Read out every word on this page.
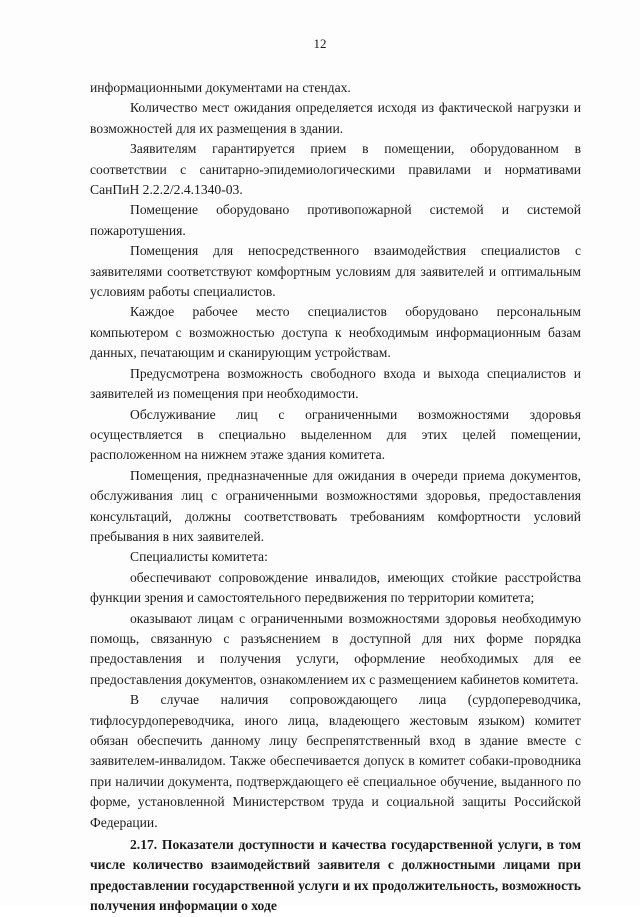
12

информационными документами на стендах.

Количество мест ожидания определяется исходя из фактической нагрузки и возможностей для их размещения в здании.

Заявителям гарантируется прием в помещении, оборудованном в соответствии с санитарно-эпидемиологическими правилами и нормативами СанПиН 2.2.2/2.4.1340-03.

Помещение оборудовано противопожарной системой и системой пожаротушения.

Помещения для непосредственного взаимодействия специалистов с заявителями соответствуют комфортным условиям для заявителей и оптимальным условиям работы специалистов.

Каждое рабочее место специалистов оборудовано персональным компьютером с возможностью доступа к необходимым информационным базам данных, печатающим и сканирующим устройствам.

Предусмотрена возможность свободного входа и выхода специалистов и заявителей из помещения при необходимости.

Обслуживание лиц с ограниченными возможностями здоровья осуществляется в специально выделенном для этих целей помещении, расположенном на нижнем этаже здания комитета.

Помещения, предназначенные для ожидания в очереди приема документов, обслуживания лиц с ограниченными возможностями здоровья, предоставления консультаций, должны соответствовать требованиям комфортности условий пребывания в них заявителей.

Специалисты комитета:

обеспечивают сопровождение инвалидов, имеющих стойкие расстройства функции зрения и самостоятельного передвижения по территории комитета;

оказывают лицам с ограниченными возможностями здоровья необходимую помощь, связанную с разъяснением в доступной для них форме порядка предоставления и получения услуги, оформление необходимых для ее предоставления документов, ознакомлением их с размещением кабинетов комитета.

В случае наличия сопровождающего лица (сурдопереводчика, тифлосурдопереводчика, иного лица, владеющего жестовым языком) комитет обязан обеспечить данному лицу беспрепятственный вход в здание вместе с заявителем-инвалидом. Также обеспечивается допуск в комитет собаки-проводника при наличии документа, подтверждающего её специальное обучение, выданного по форме, установленной Министерством труда и социальной защиты Российской Федерации.

2.17. Показатели доступности и качества государственной услуги, в том числе количество взаимодействий заявителя с должностными лицами при предоставлении государственной услуги и их продолжительность, возможность получения информации о ходе
